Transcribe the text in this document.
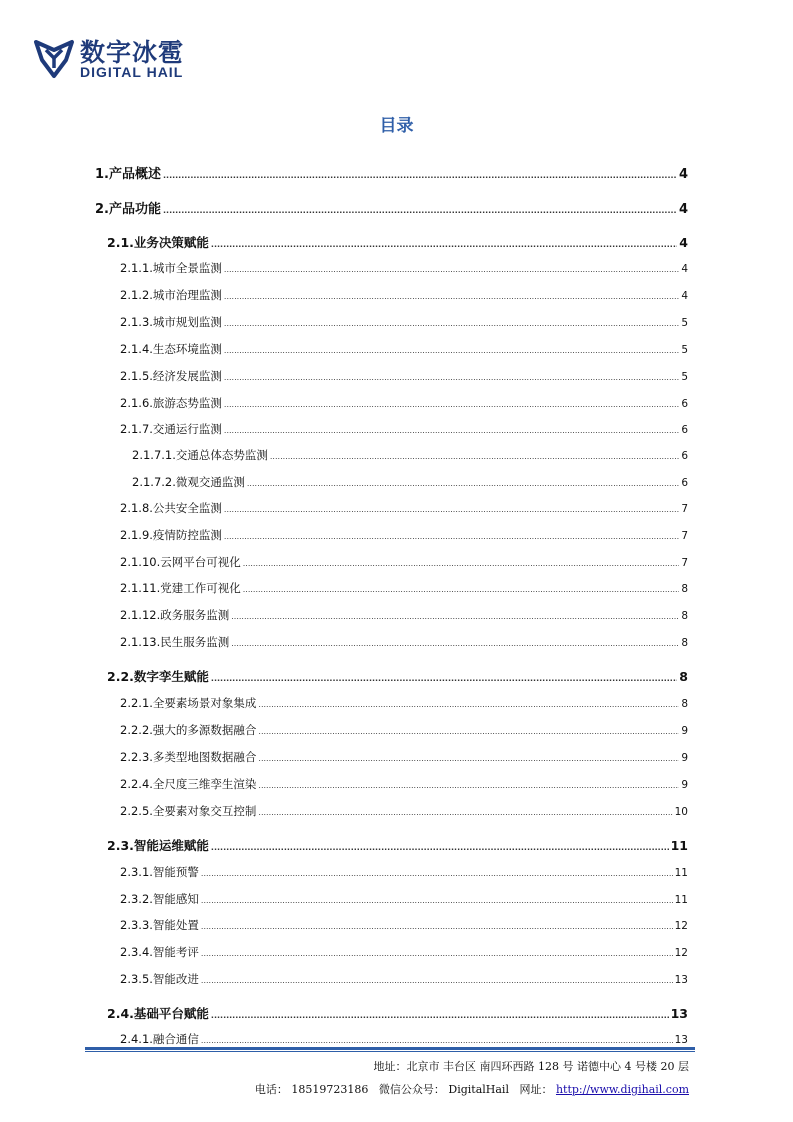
数字冰雹
DIGITAL HAIL
目录
1.产品概述 .....	4
2.产品功能 .....	4
2.1.业务决策赋能 .....	4
2.1.1.城市全景监测 .....	4
2.1.2.城市治理监测 .....	4
2.1.3.城市规划监测 .....	5
2.1.4.生态环境监测 .....	5
2.1.5.经济发展监测 .....	5
2.1.6.旅游态势监测 .....	6
2.1.7.交通运行监测 .....	6
2.1.7.1.交通总体态势监测 .....	6
2.1.7.2.微观交通监测 .....	6
2.1.8.公共安全监测 .....	7
2.1.9.疫情防控监测 .....	7
2.1.10.云网平台可视化 .....	7
2.1.11.党建工作可视化 .....	8
2.1.12.政务服务监测 .....	8
2.1.13.民生服务监测 .....	8
2.2.数字孪生赋能 .....	8
2.2.1.全要素场景对象集成 .....	8
2.2.2.强大的多源数据融合 .....	9
2.2.3.多类型地图数据融合 .....	9
2.2.4.全尺度三维孪生渲染 .....	9
2.2.5.全要素对象交互控制 .....	10
2.3.智能运维赋能 .....	11
2.3.1.智能预警 .....	11
2.3.2.智能感知 .....	11
2.3.3.智能处置 .....	12
2.3.4.智能考评 .....	12
2.3.5.智能改进 .....	13
2.4.基础平台赋能 .....	13
2.4.1.融合通信 .....	13
地址：北京市 丰台区 南四环西路 128 号 诺德中心 4 号楼 20 层
电话： 18519723186 微信公众号： DigitalHail 网址： http://www.digihail.com
